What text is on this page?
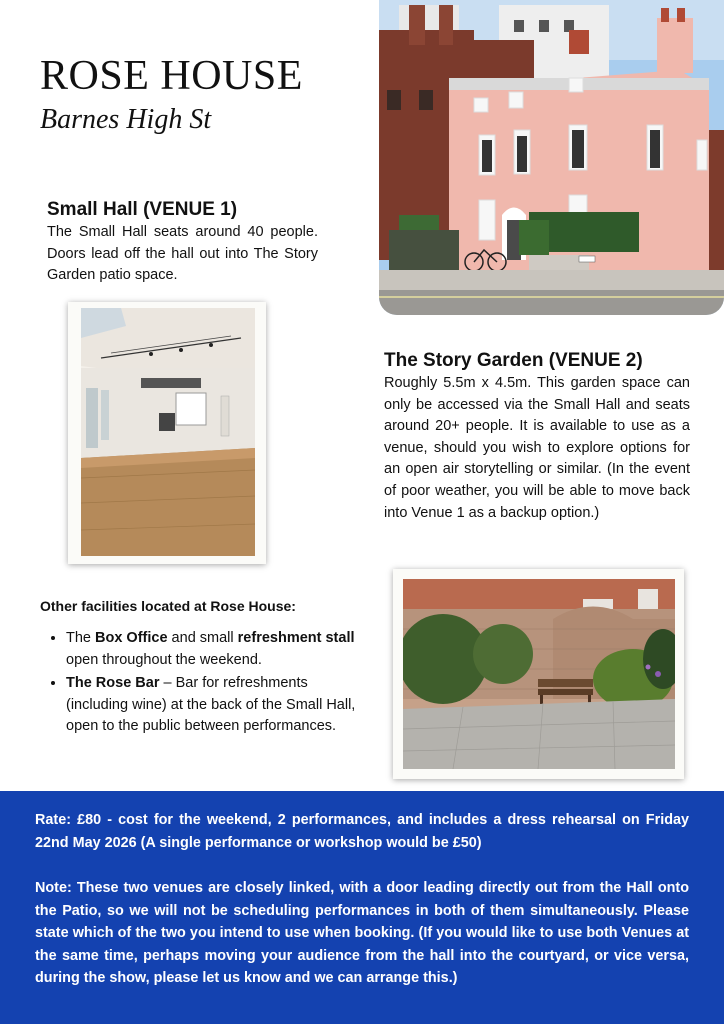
ROSE HOUSE
Barnes High St
Small Hall (VENUE 1)
The Small Hall seats around 40 people. Doors lead off the hall out into The Story Garden patio space.
The Story Garden (VENUE 2)
Roughly 5.5m x 4.5m. This garden space can only be accessed via the Small Hall and seats around 20+ people. It is available to use as a venue, should you wish to explore options for an open air storytelling or similar. (In the event of poor weather, you will be able to move back into Venue 1 as a backup option.)
Other facilities located at Rose House:
• The Box Office and small refreshment stall open throughout the weekend.
• The Rose Bar – Bar for refreshments (including wine) at the back of the Small Hall, open to the public between performances.
Rate: £80 - cost for the weekend, 2 performances, and includes a dress rehearsal on Friday 22nd May 2026 (A single performance or workshop would be £50)
Note: These two venues are closely linked, with a door leading directly out from the Hall onto the Patio, so we will not be scheduling performances in both of them simultaneously. Please state which of the two you intend to use when booking. (If you would like to use both Venues at the same time, perhaps moving your audience from the hall into the courtyard, or vice versa, during the show, please let us know and we can arrange this.)
